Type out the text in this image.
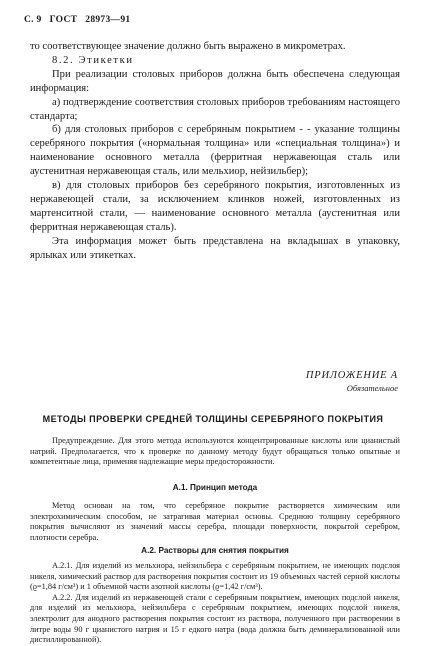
С. 9 ГОСТ 28973—91

то соответствующее значение должно быть выражено в микрометрах.

8.2. Этикетки

При реализации столовых приборов должна быть обеспечена следующая информация:

а) подтверждение соответствия столовых приборов требованиям настоящего стандарта;

б) для столовых приборов с серебряным покрытием - - указание толщины серебряного покрытия («нормальная толщина» или «специальная толщина») и наименование основного металла (ферритная нержавеющая сталь или аустенитная нержавеющая сталь, или мельхиор, нейзильбер);

в) для столовых приборов без серебряного покрытия, изготовленных из нержавеющей стали, за исключением клинков ножей, изготовленных из мартенситной стали, — наименование основного металла (аустенитная или ферритная нержавеющая сталь).

Эта информация может быть представлена на вкладышах в упаковку, ярлыках или этикетках.

ПРИЛОЖЕНИЕ А
Обязательное
МЕТОДЫ ПРОВЕРКИ СРЕДНЕЙ ТОЛЩИНЫ СЕРЕБРЯНОГО ПОКРЫТИЯ
Предупреждение. Для этого метода используются концентрированные кислоты или цианистый натрий. Предполагается, что к проверке по данному методу будут обращаться только опытные и компетентные лица, применяя надлежащие меры предосторожности.
А.1. Принцип метода
Метод основан на том, что серебряное покрытие растворяется химическим или электрохимическим способом, не затрагивая материал основы. Среднюю толщину серебряного покрытия вычисляют из значений массы серебра, площади поверхности, покрытой серебром, плотности серебра.
А.2. Растворы для снятия покрытия

А.2.1. Для изделий из мельхиора, нейзильбера с серебряным покрытием, не имеющих подслоя никеля, химический раствор для растворения покрытия состоит из 19 объемных частей серной кислоты (ϱ=1,84 г/см³) и 1 объемной части азотной кислоты (ϱ=1,42 г/см³).

А.2.2. Для изделий из нержавеющей стали с серебряным покрытием, имеющих подслой никеля, для изделий из мельхиора, нейзильбера с серебряным покрытием, имеющих подслой никеля, электролит для анодного растворения покрытия состоит из раствора, полученного при растворении в литре воды 90 г цианистого натрия и 15 г едкого натра (вода должна быть деминерализованной или дистиллированной).
